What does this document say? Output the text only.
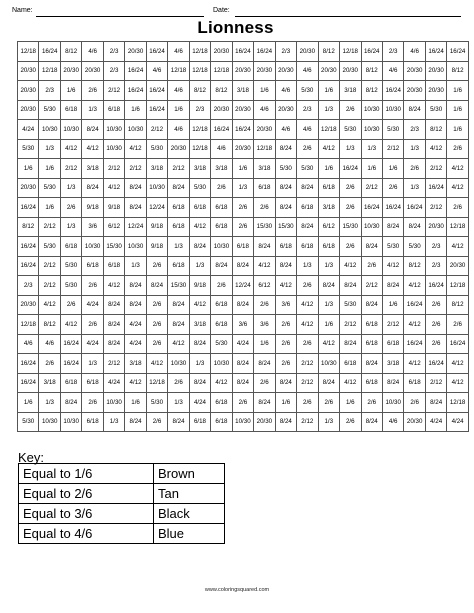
Name:	Date:
Lionness
12/18	16/24	8/12	4/6	2/3	20/30	16/24	4/6	12/18	20/30	16/24	16/24	2/3	20/30	8/12	12/18	16/24	2/3	4/6	16/24	16/24
20/30	12/18	20/30	20/30	2/3	16/24	4/6	12/18	12/18	12/18	20/30	20/30	20/30	4/6	20/30	20/30	8/12	4/6	20/30	20/30	8/12
20/30	2/3	1/6	2/6	2/12	16/24	16/24	4/6	8/12	8/12	3/18	1/6	4/6	5/30	1/6	3/18	8/12	16/24	20/30	20/30	1/6
20/30	5/30	6/18	1/3	6/18	1/6	16/24	1/6	2/3	20/30	20/30	4/6	20/30	2/3	1/3	2/6	10/30	10/30	8/24	5/30	1/6
4/24	10/30	10/30	8/24	10/30	10/30	2/12	4/6	12/18	16/24	16/24	20/30	4/6	4/6	12/18	5/30	10/30	5/30	2/3	8/12	1/6
5/30	1/3	4/12	4/12	10/30	4/12	5/30	20/30	12/18	4/6	20/30	12/18	8/24	2/6	4/12	1/3	1/3	2/12	1/3	4/12	2/6
1/6	1/6	2/12	3/18	2/12	2/12	3/18	2/12	3/18	3/18	1/6	3/18	5/30	5/30	1/6	16/24	1/6	1/6	2/6	2/12	4/12
20/30	5/30	1/3	8/24	4/12	8/24	10/30	8/24	5/30	2/6	1/3	6/18	8/24	8/24	6/18	2/6	2/12	2/6	1/3	16/24	4/12
16/24	1/6	2/6	9/18	9/18	8/24	12/24	6/18	6/18	6/18	2/6	2/6	8/24	6/18	3/18	2/6	16/24	16/24	16/24	2/12	2/6
8/12	2/12	1/3	3/6	6/12	12/24	9/18	6/18	4/12	6/18	2/6	15/30	15/30	8/24	6/12	15/30	10/30	8/24	8/24	20/30	12/18
16/24	5/30	6/18	10/30	15/30	10/30	9/18	1/3	8/24	10/30	6/18	8/24	6/18	6/18	6/18	2/6	8/24	5/30	5/30	2/3	4/12
16/24	2/12	5/30	6/18	6/18	1/3	2/6	6/18	1/3	8/24	8/24	4/12	8/24	1/3	1/3	4/12	2/6	4/12	8/12	2/3	20/30
2/3	2/12	5/30	2/6	4/12	8/24	8/24	15/30	9/18	2/6	12/24	6/12	4/12	2/6	8/24	8/24	2/12	8/24	4/12	16/24	12/18
20/30	4/12	2/6	4/24	8/24	8/24	2/6	8/24	4/12	6/18	8/24	2/6	3/6	4/12	1/3	5/30	8/24	1/6	16/24	2/6	8/12
12/18	8/12	4/12	2/6	8/24	4/24	2/6	8/24	3/18	6/18	3/6	3/6	2/6	4/12	1/6	2/12	6/18	2/12	4/12	2/6	2/6
4/6	4/6	16/24	4/24	8/24	4/24	2/6	4/12	8/24	5/30	4/24	1/6	2/6	2/6	4/12	8/24	6/18	6/18	16/24	2/6	16/24
16/24	2/6	16/24	1/3	2/12	3/18	4/12	10/30	1/3	10/30	8/24	8/24	2/6	2/12	10/30	6/18	8/24	3/18	4/12	16/24	4/12
16/24	3/18	6/18	6/18	4/24	4/12	12/18	2/6	8/24	4/12	8/24	2/6	8/24	2/12	8/24	4/12	6/18	8/24	6/18	2/12	4/12
1/6	1/3	8/24	2/6	10/30	1/6	5/30	1/3	4/24	6/18	2/6	8/24	1/6	2/6	2/6	1/6	2/6	10/30	2/6	8/24	12/18
5/30	10/30	10/30	6/18	1/3	8/24	2/6	8/24	6/18	6/18	10/30	20/30	8/24	2/12	1/3	2/6	8/24	4/6	20/30	4/24	4/24
Key:
Equal to 1/6	Brown
Equal to 2/6	Tan
Equal to 3/6	Black
Equal to 4/6	Blue
www.coloringsquared.com
